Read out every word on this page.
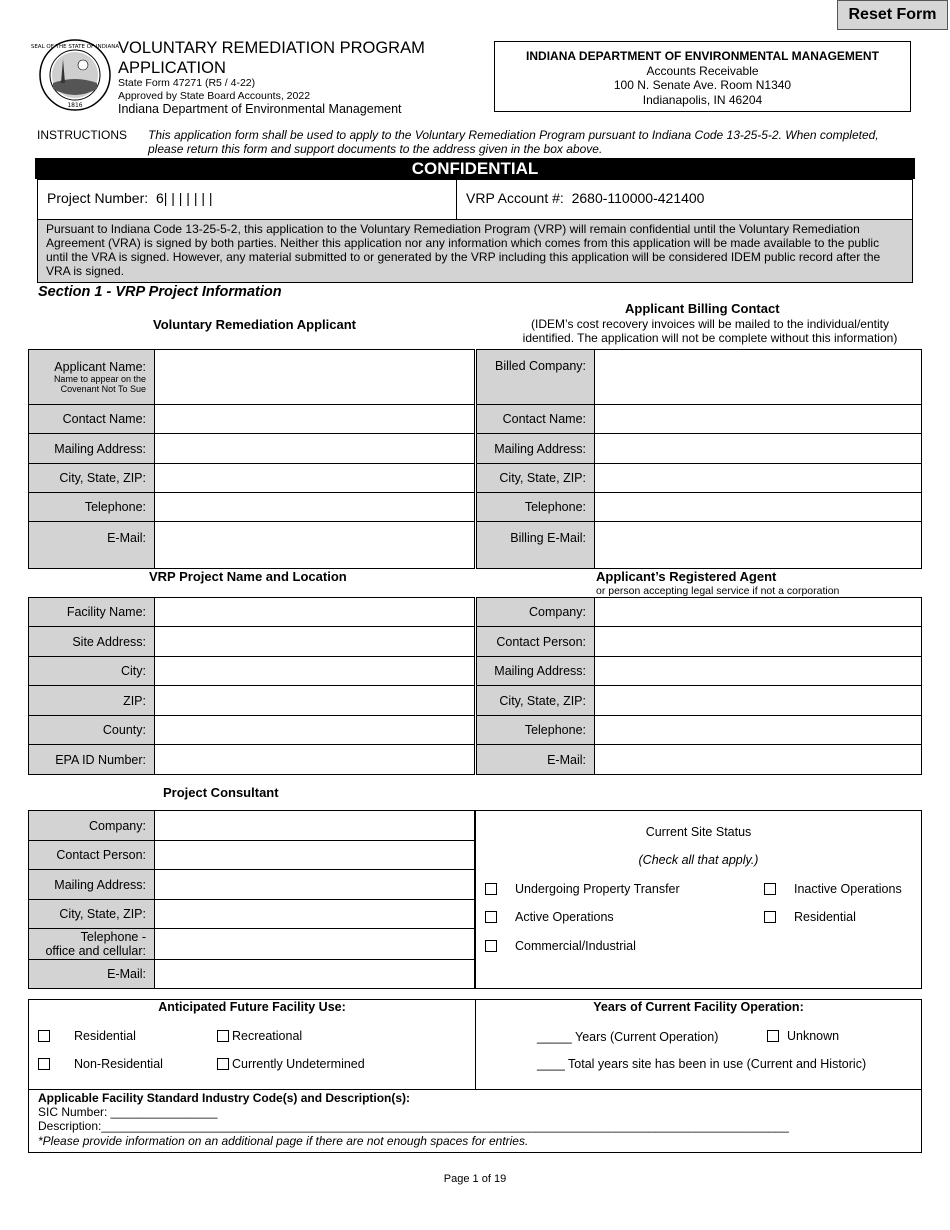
Reset Form
SEAL OF THE STATE OF INDIANA
1816
VOLUNTARY REMEDIATION PROGRAM
APPLICATION
State Form 47271 (R5 / 4-22)
Approved by State Board Accounts, 2022
Indiana Department of Environmental Management
INDIANA DEPARTMENT OF ENVIRONMENTAL MANAGEMENT
Accounts Receivable
100 N. Senate Ave. Room N1340
Indianapolis, IN 46204
INSTRUCTIONS This application form shall be used to apply to the Voluntary Remediation Program pursuant to Indiana Code 13-25-5-2. When completed, please return this form and support documents to the address given in the box above.
CONFIDENTIAL
Project Number: 6| | | | | | |	VRP Account #: 2680-110000-421400
Pursuant to Indiana Code 13-25-5-2, this application to the Voluntary Remediation Program (VRP) will remain confidential until the Voluntary Remediation Agreement (VRA) is signed by both parties. Neither this application nor any information which comes from this application will be made available to the public until the VRA is signed. However, any material submitted to or generated by the VRP including this application will be considered IDEM public record after the VRA is signed.
Section 1 - VRP Project Information
Voluntary Remediation Applicant
Applicant Billing Contact
(IDEM’s cost recovery invoices will be mailed to the individual/entity identified. The application will not be complete without this information)
Applicant Name:
Name to appear on the Covenant Not To Sue	

Contact Name:	
Mailing Address:	
City, State, ZIP:	
Telephone:	
E-Mail:	
Billed Company:	
Contact Name:	
Mailing Address:	
City, State, ZIP:	
Telephone:	
Billing E-Mail:	
VRP Project Name and Location	Applicant’s Registered Agent
or person accepting legal service if not a corporation
Facility Name:	
Site Address:	
City:	
ZIP:	
County:	
EPA ID Number:	
Company:	
Contact Person:	
Mailing Address:	
City, State, ZIP:	
Telephone:	
E-Mail:	
Project Consultant
Company:	
Contact Person:	
Mailing Address:	
City, State, ZIP:	
Telephone -
office and cellular:	
E-Mail:	
Current Site Status
(Check all that apply.)
Undergoing Property Transfer
Active Operations
Commercial/Industrial
Inactive Operations
Residential
Anticipated Future Facility Use:	Years of Current Facility Operation:
Residential
Non-Residential
Recreational
Currently Undetermined
_____ Years (Current Operation)	Unknown
____ Total years site has been in use (Current and Historic)
Applicable Facility Standard Industry Code(s) and Description(s):
SIC Number: ________________
Description:_______________________________________________________________________________________________________
*Please provide information on an additional page if there are not enough spaces for entries.
Page 1 of 19
